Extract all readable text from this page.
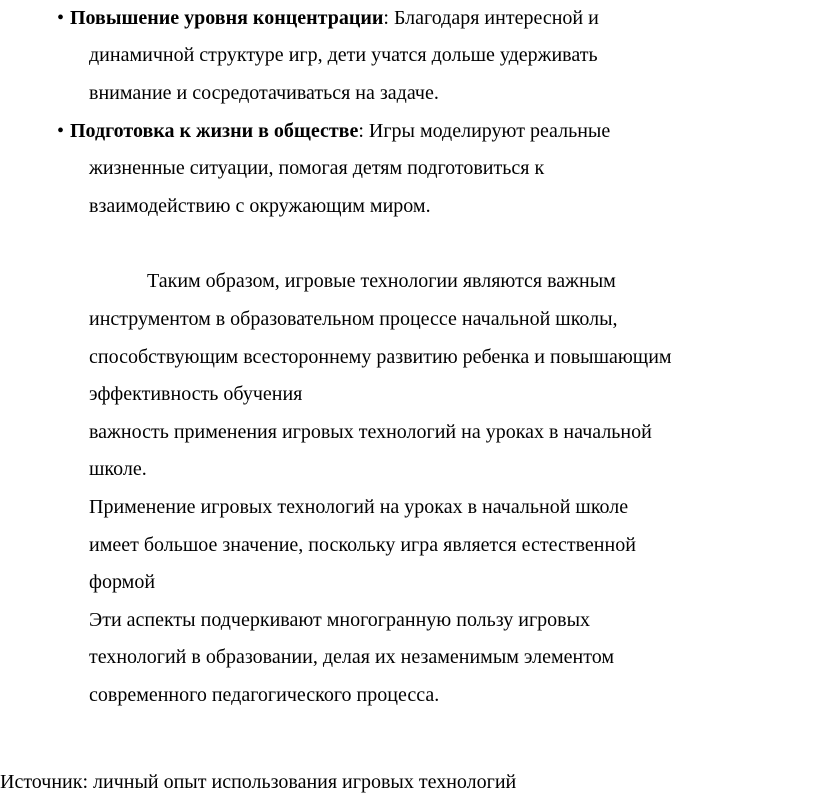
• Повышение уровня концентрации: Благодаря интересной и
динамичной структуре игр, дети учатся дольше удерживать
внимание и сосредотачиваться на задаче.
• Подготовка к жизни в обществе: Игры моделируют реальные
жизненные ситуации, помогая детям подготовиться к
взаимодействию с окружающим миром.
Таким образом, игровые технологии являются важным
инструментом в образовательном процессе начальной школы,
способствующим всестороннему развитию ребенка и повышающим
эффективность обучения
важность применения игровых технологий на уроках в начальной
школе.
Применение игровых технологий на уроках в начальной школе
имеет большое значение, поскольку игра является естественной
формой
Эти аспекты подчеркивают многогранную пользу игровых
технологий в образовании, делая их незаменимым элементом
современного педагогического процесса.
Источник: личный опыт использования игровых технологий
